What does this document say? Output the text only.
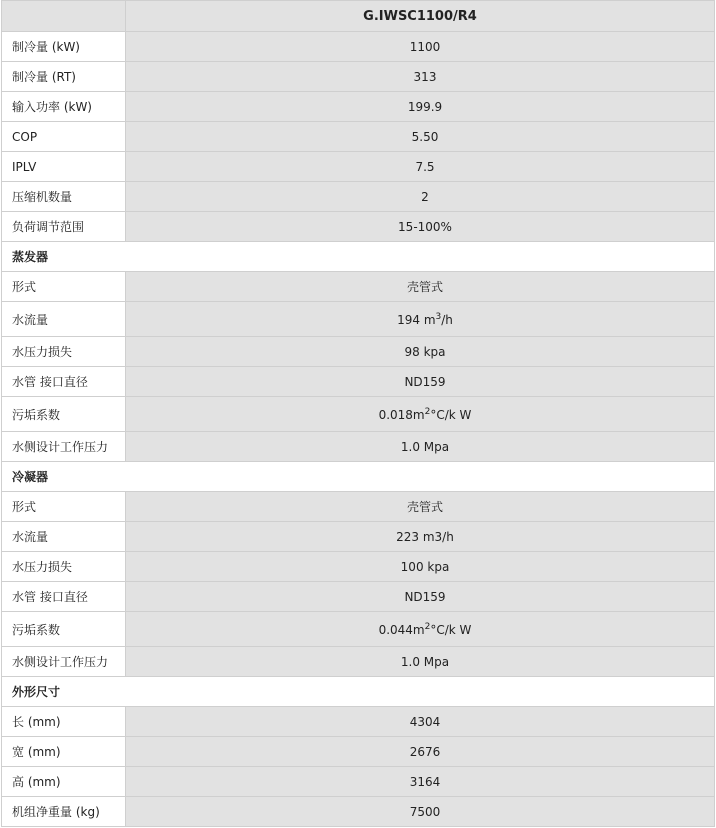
	G.IWSC1100/R4
制冷量 (kW)	1100
制冷量 (RT)	313
输入功率 (kW)	199.9
COP	5.50
IPLV	7.5
压缩机数量	2
负荷调节范围	15-100%
蒸发器	
形式	壳管式
水流量	194 $m^3/h$
水压力损失	98 kpa
水管 接口直径	ND159
污垢系数	$0.018m^2^\circ C/k$ W
水侧设计工作压力	1.0 Mpa
冷凝器	
形式	壳管式
水流量	223 m3/h
水压力损失	100 kpa
水管 接口直径	ND159
污垢系数	$0.044m^2^\circ C/k$ W
水侧设计工作压力	1.0 Mpa
外形尺寸	
长 (mm)	4304
宽 (mm)	2676
高 (mm)	3164
机组净重量 (kg)	7500
